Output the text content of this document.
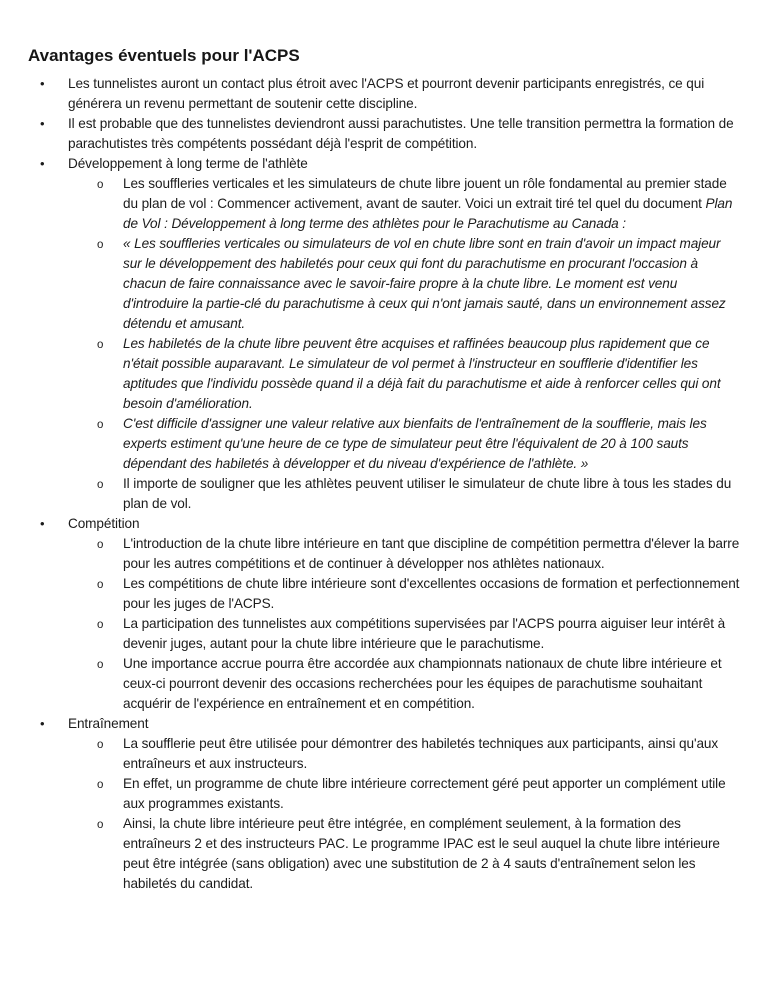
Avantages éventuels pour l'ACPS
• Les tunnelistes auront un contact plus étroit avec l'ACPS et pourront devenir participants enregistrés, ce qui générera un revenu permettant de soutenir cette discipline.
• Il est probable que des tunnelistes deviendront aussi parachutistes. Une telle transition permettra la formation de parachutistes très compétents possédant déjà l'esprit de compétition.
• Développement à long terme de l'athlète
o Les souffleries verticales et les simulateurs de chute libre jouent un rôle fondamental au premier stade du plan de vol : Commencer activement, avant de sauter. Voici un extrait tiré tel quel du document Plan de Vol : Développement à long terme des athlètes pour le Parachutisme au Canada :
o « Les souffleries verticales ou simulateurs de vol en chute libre sont en train d'avoir un impact majeur sur le développement des habiletés pour ceux qui font du parachutisme en procurant l'occasion à chacun de faire connaissance avec le savoir-faire propre à la chute libre. Le moment est venu d'introduire la partie-clé du parachutisme à ceux qui n'ont jamais sauté, dans un environnement assez détendu et amusant.
o Les habiletés de la chute libre peuvent être acquises et raffinées beaucoup plus rapidement que ce n'était possible auparavant. Le simulateur de vol permet à l'instructeur en soufflerie d'identifier les aptitudes que l'individu possède quand il a déjà fait du parachutisme et aide à renforcer celles qui ont besoin d'amélioration.
o C'est difficile d'assigner une valeur relative aux bienfaits de l'entraînement de la soufflerie, mais les experts estiment qu'une heure de ce type de simulateur peut être l'équivalent de 20 à 100 sauts dépendant des habiletés à développer et du niveau d'expérience de l'athlète. »
o Il importe de souligner que les athlètes peuvent utiliser le simulateur de chute libre à tous les stades du plan de vol.
• Compétition
o L'introduction de la chute libre intérieure en tant que discipline de compétition permettra d'élever la barre pour les autres compétitions et de continuer à développer nos athlètes nationaux.
o Les compétitions de chute libre intérieure sont d'excellentes occasions de formation et perfectionnement pour les juges de l'ACPS.
o La participation des tunnelistes aux compétitions supervisées par l'ACPS pourra aiguiser leur intérêt à devenir juges, autant pour la chute libre intérieure que le parachutisme.
o Une importance accrue pourra être accordée aux championnats nationaux de chute libre intérieure et ceux-ci pourront devenir des occasions recherchées pour les équipes de parachutisme souhaitant acquérir de l'expérience en entraînement et en compétition.
• Entraînement
o La soufflerie peut être utilisée pour démontrer des habiletés techniques aux participants, ainsi qu'aux entraîneurs et aux instructeurs.
o En effet, un programme de chute libre intérieure correctement géré peut apporter un complément utile aux programmes existants.
o Ainsi, la chute libre intérieure peut être intégrée, en complément seulement, à la formation des entraîneurs 2 et des instructeurs PAC. Le programme IPAC est le seul auquel la chute libre intérieure peut être intégrée (sans obligation) avec une substitution de 2 à 4 sauts d'entraînement selon les habiletés du candidat.
